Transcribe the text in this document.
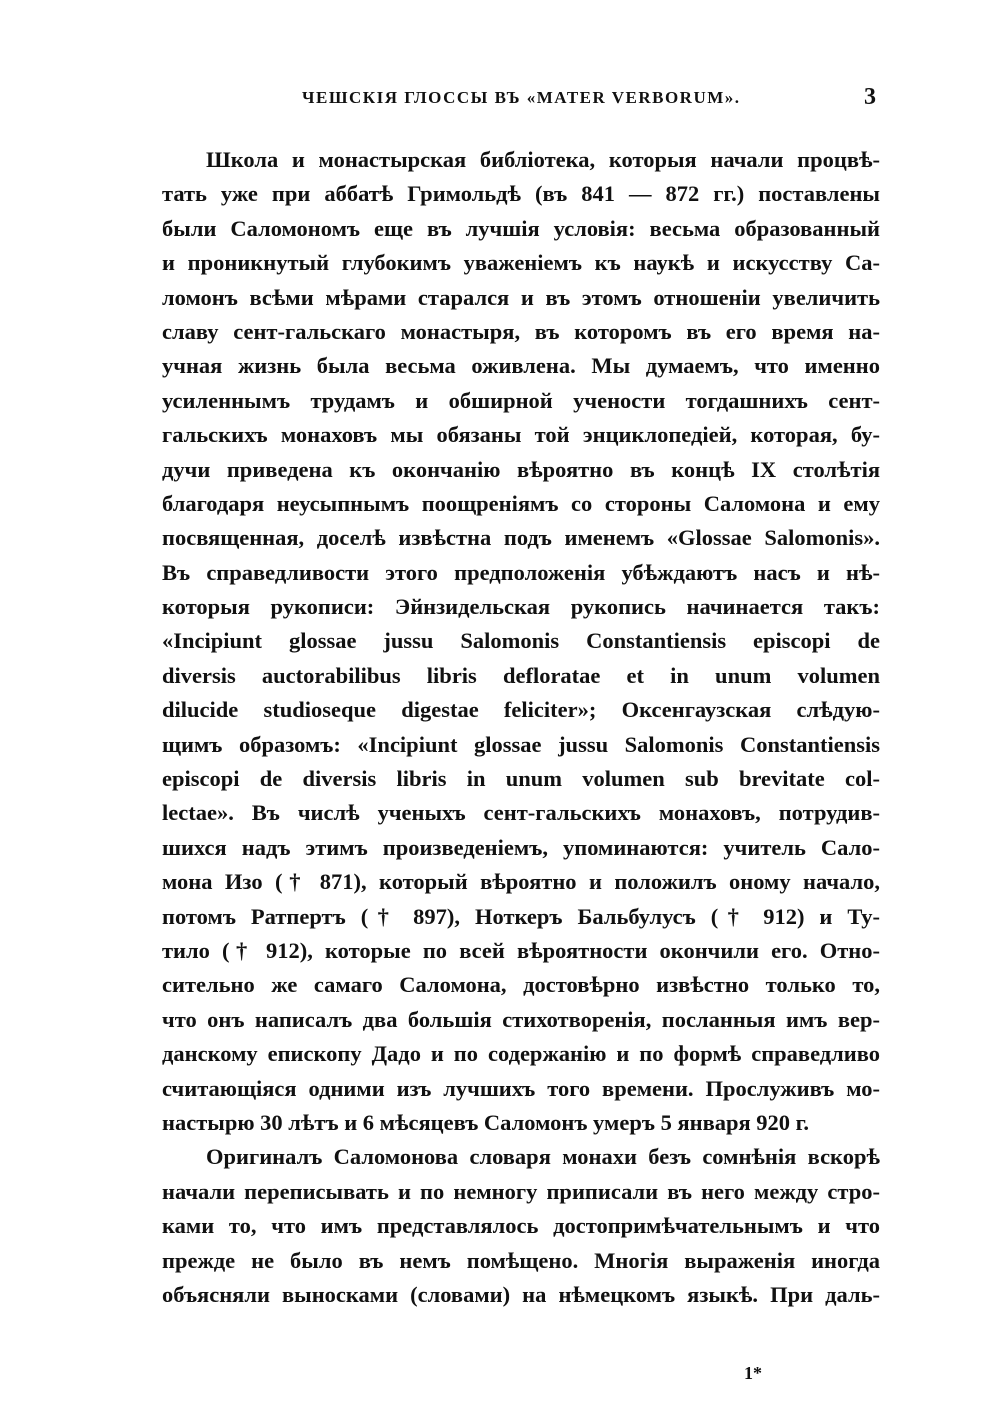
ЧЕШСКІЯ ГЛОССЫ ВЪ «MATER VERBORUM».	3
Школа и монастырская библіотека, которыя начали процвѣ-
тать уже при аббатѣ Гримольдѣ (въ 841 — 872 гг.) поставлены
были Саломономъ еще въ лучшія условія: весьма образованный
и проникнутый глубокимъ уваженіемъ къ наукѣ и искусству Са-
ломонъ всѣми мѣрами старался и въ этомъ отношеніи увеличить
славу сент-гальскаго монастыря, въ которомъ въ его время на-
учная жизнь была весьма оживлена. Мы думаемъ, что именно
усиленнымъ трудамъ и обширной учености тогдашнихъ сент-
гальскихъ монаховъ мы обязаны той энциклопедіей, которая, бу-
дучи приведена къ окончанію вѣроятно въ концѣ IX столѣтія
благодаря неусыпнымъ поощреніямъ со стороны Саломона и ему
посвященная, доселѣ извѣстна подъ именемъ «Glossae Salomonis».
Въ справедливости этого предположенія убѣждаютъ насъ и нѣ-
которыя рукописи: Эйнзидельская рукопись начинается такъ:
«Incipiunt glossae jussu Salomonis Constantiensis episcopi de
diversis auctorabilibus libris defloratae et in unum volumen
dilucide studioseque digestae feliciter»; Оксенгаузская слѣдую-
щимъ образомъ: «Incipiunt glossae jussu Salomonis Constantiensis
episcopi de diversis libris in unum volumen sub brevitate col-
lectae». Въ числѣ ученыхъ сент-гальскихъ монаховъ, потрудив-
шихся надъ этимъ произведеніемъ, упоминаются: учитель Сало-
мона Изо († 871), который вѣроятно и положилъ оному начало,
потомъ Ратпертъ († 897), Ноткеръ Бальбулусъ († 912) и Ту-
тило († 912), которые по всей вѣроятности окончили его. Отно-
сительно же самаго Саломона, достовѣрно извѣстно только то,
что онъ написалъ два большія стихотворенія, посланныя имъ вер-
данскому епископу Дадо и по содержанію и по формѣ справедливо
считающіяся одними изъ лучшихъ того времени. Прослуживъ мо-
настырю 30 лѣтъ и 6 мѣсяцевъ Саломонъ умеръ 5 января 920 г.
Оригиналъ Саломонова словаря монахи безъ сомнѣнія вскорѣ
начали переписывать и по немногу приписали въ него между стро-
ками то, что имъ представлялось достопримѣчательнымъ и что
прежде не было въ немъ помѣщено. Многія выраженія иногда
объясняли выносками (словами) на нѣмецкомъ языкѣ. При даль-
1*
